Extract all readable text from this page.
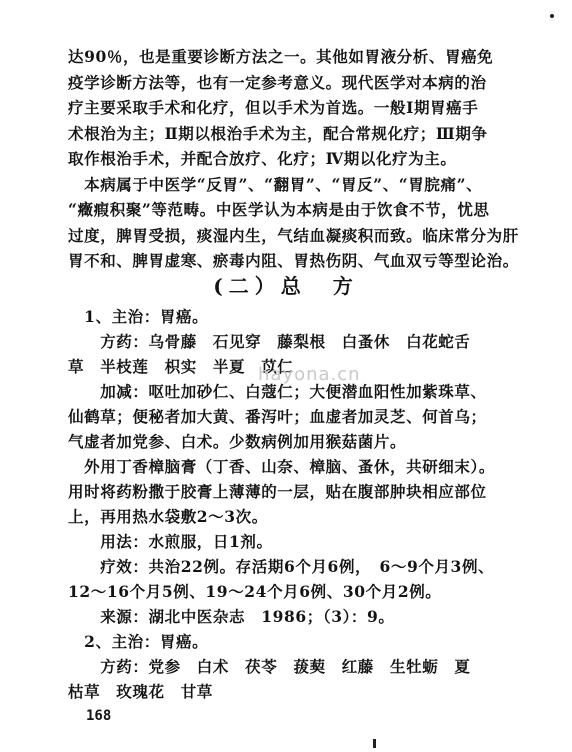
达90％，也是重要诊断方法之一。其他如胃液分析、胃癌免
疫学诊断方法等，也有一定参考意义。现代医学对本病的治
疗主要采取手术和化疗，但以手术为首选。一般Ⅰ期胃癌手
术根治为主；Ⅱ期以根治手术为主，配合常规化疗；Ⅲ期争
取作根治手术，并配合放疗、化疗；Ⅳ期以化疗为主。
　本病属于中医学“反胃”、“翻胃”、“胃反”、“胃脘痛”、
“癥瘕积聚”等范畴。中医学认为本病是由于饮食不节，忧思
过度，脾胃受损，痰湿内生，气结血凝痰积而致。临床常分为肝
胃不和、脾胃虚寒、瘀毒内阻、胃热伤阴、气血双亏等型论治。
(二）总　方
　1、主治：胃癌。
　　方药：乌骨藤　石见穿　藤梨根　白蚤休　白花蛇舌
草　半枝莲　枳实　半夏　苡仁
　　加减：呕吐加砂仁、白蔻仁；大便潜血阳性加紫珠草、
仙鹤草；便秘者加大黄、番泻叶；血虚者加灵芝、何首乌；
气虚者加党参、白术。少数病例加用猴菇菌片。
　外用丁香樟脑膏（丁香、山奈、樟脑、蚤休，共研细末）。
用时将药粉撒于胶膏上薄薄的一层，贴在腹部肿块相应部位
上，再用热水袋敷2～3次。
　　用法：水煎服，日1剂。
　　疗效：共治22例。存活期6个月6例，　6～9个月3例、
12～16个月5例、19～24个月6例、30个月2例。
　　来源：湖北中医杂志　1986；（3）：9。
　2、主治：胃癌。
　　方药：党参　白术　茯苓　菝葜　红藤　生牡蛎　夏
枯草　玫瑰花　甘草
hayona.cn
168
